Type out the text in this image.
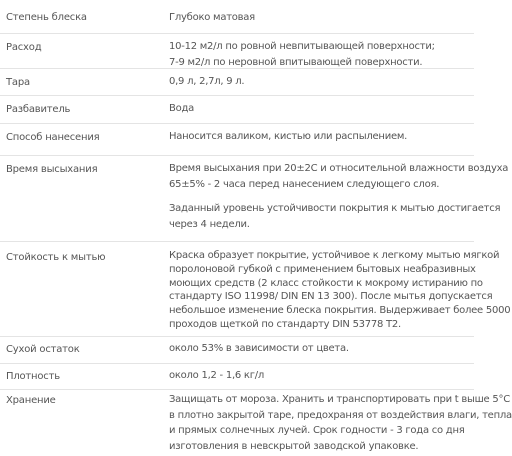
Степень блеска	Глубоко матовая
Расход	10-12 м2/л по ровной невпитывающей поверхности;
7-9 м2/л по неровной впитывающей поверхности.
Тара	0,9 л, 2,7л, 9 л.
Разбавитель	Вода
Способ нанесения	Наносится валиком, кистью или распылением.
Время высыхания	Время высыхания при 20±2С и относительной влажности воздуха
65±5% - 2 часа перед нанесением следующего слоя.
Заданный уровень устойчивости покрытия к мытью достигается
через 4 недели.
Стойкость к мытью	Краска образует покрытие, устойчивое к легкому мытью мягкой
поролоновой губкой с применением бытовых неабразивных
моющих средств (2 класс стойкости к мокрому истиранию по
стандарту ISO 11998/ DIN EN 13 300). После мытья допускается
небольшое изменение блеска покрытия. Выдерживает более 5000
проходов щеткой по стандарту DIN 53778 Т2.
Сухой остаток	около 53% в зависимости от цвета.
Плотность	около 1,2 - 1,6 кг/л
Хранение	Защищать от мороза. Хранить и транспортировать при t выше 5°С
в плотно закрытой таре, предохраняя от воздействия влаги, тепла
и прямых солнечных лучей. Срок годности - 3 года со дня
изготовления в невскрытой заводской упаковке.
